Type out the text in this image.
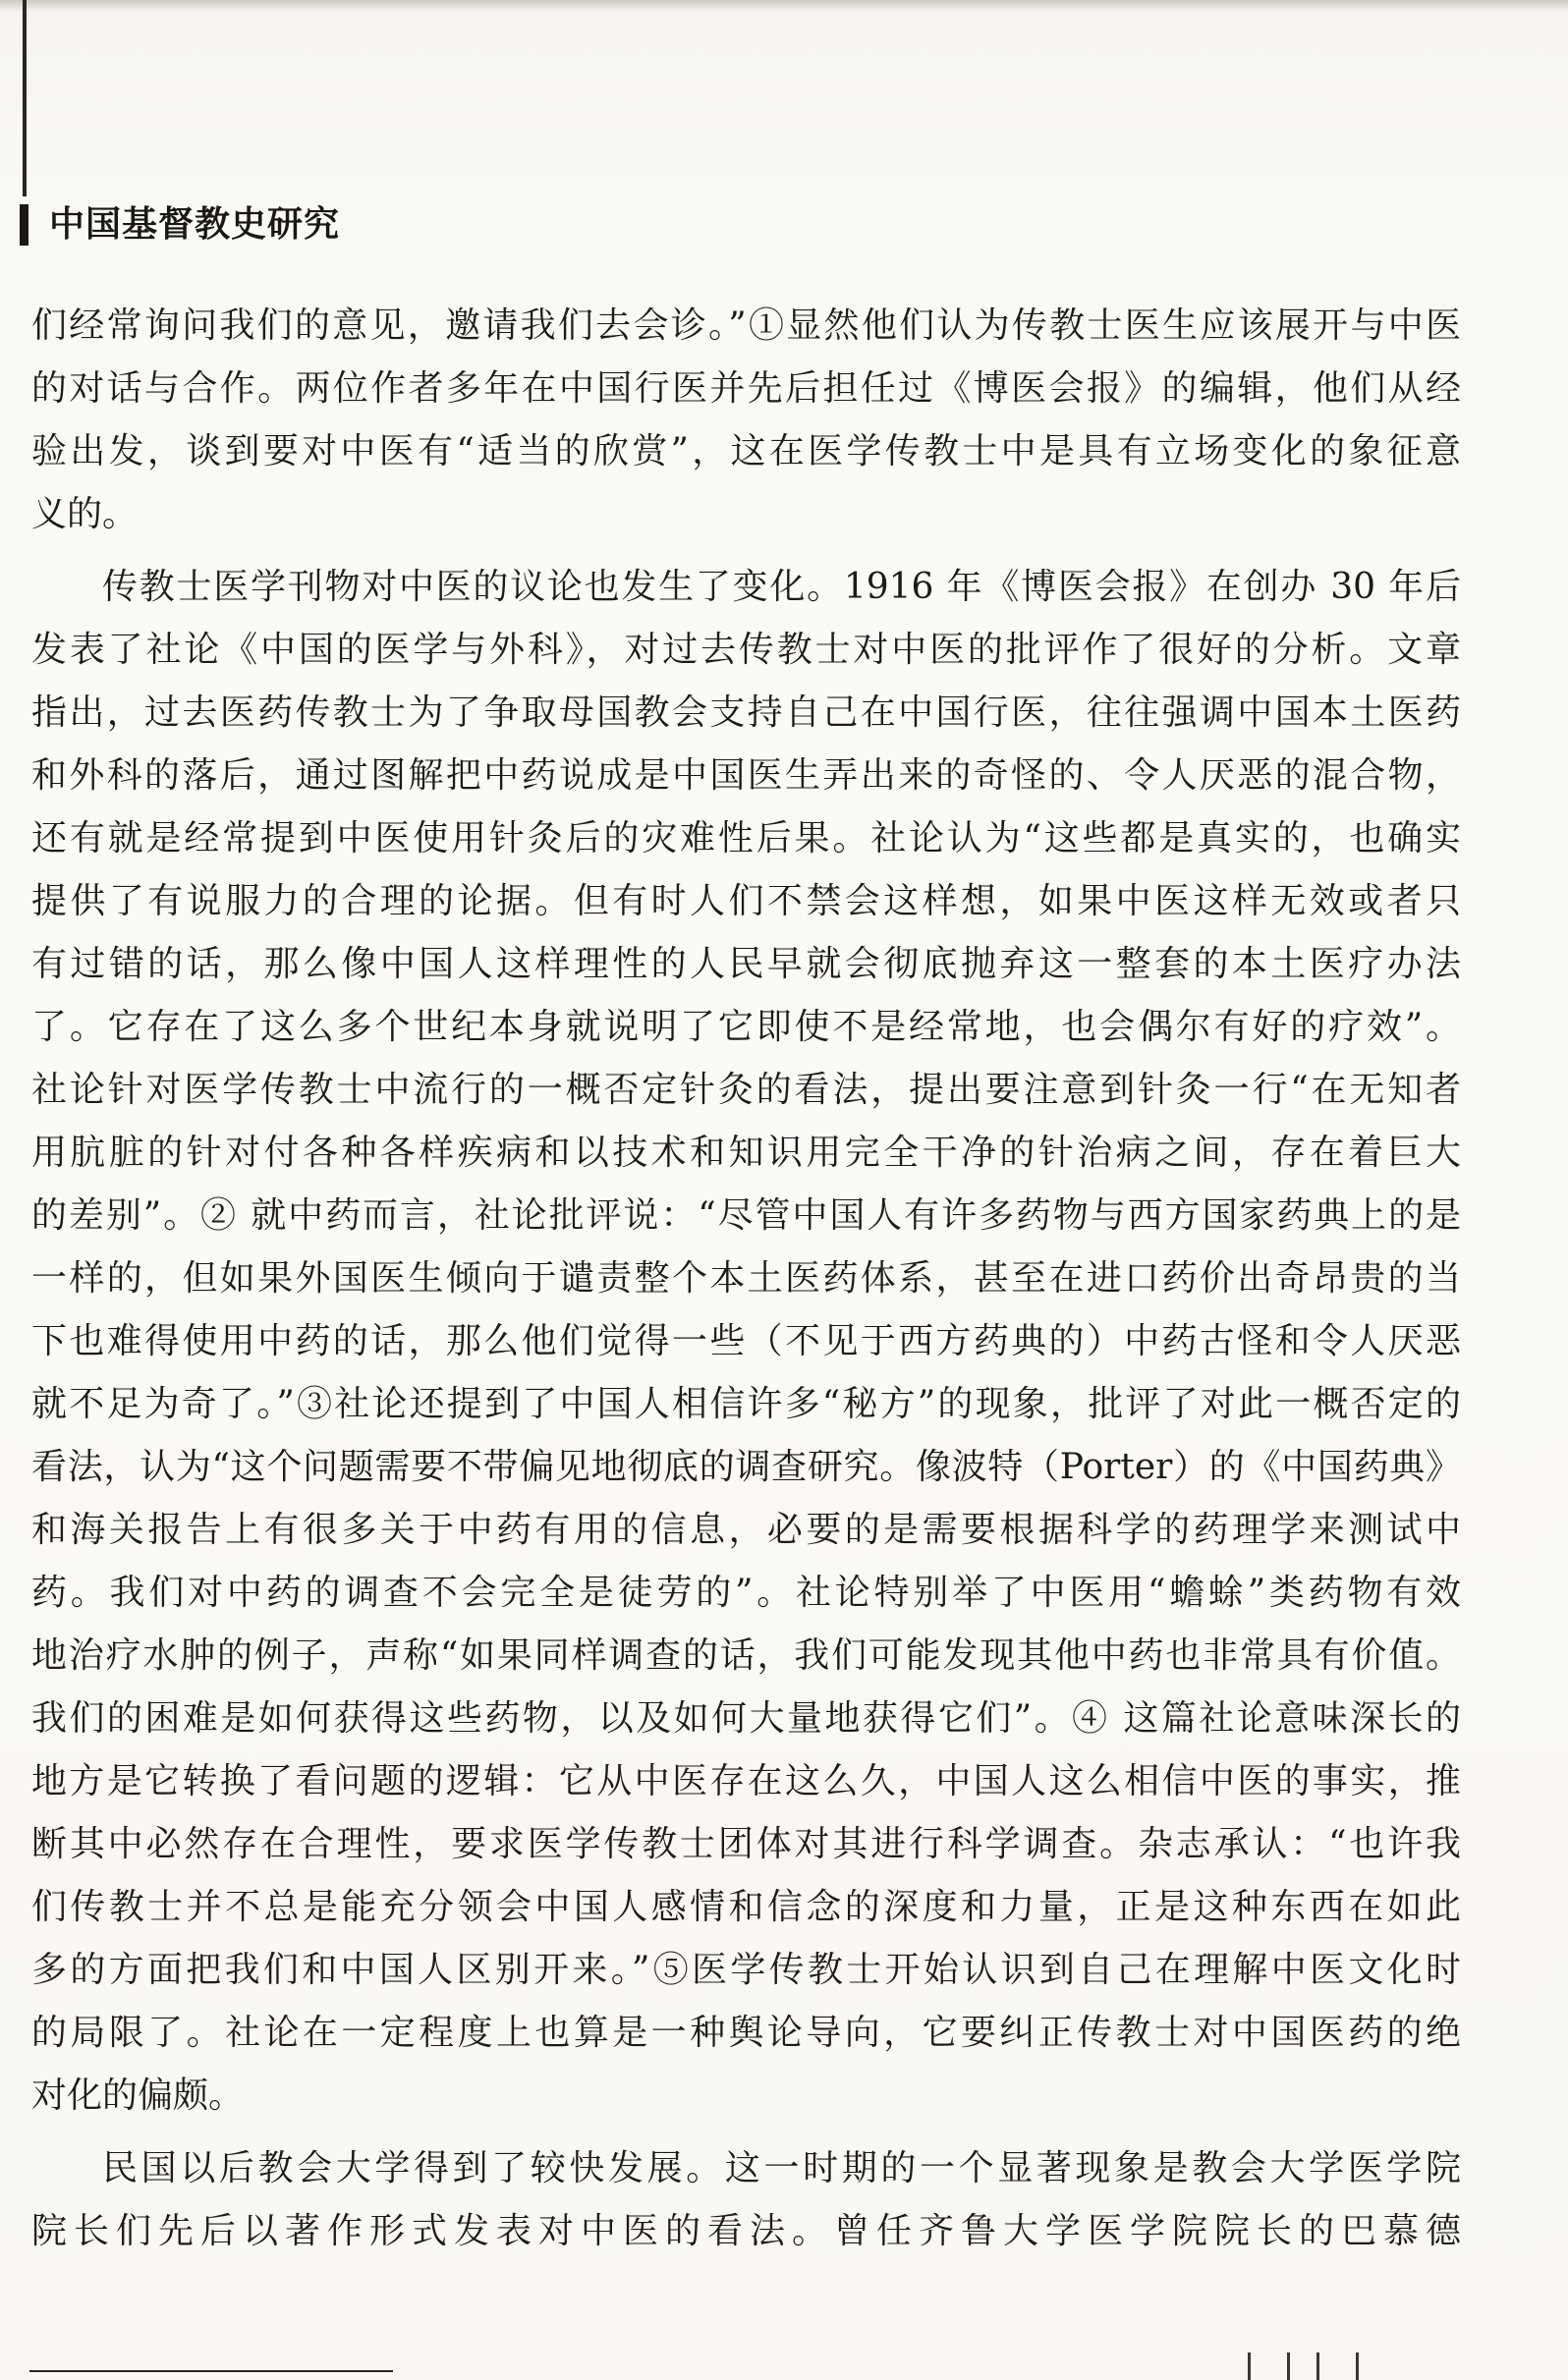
中国基督教史研究
们经常询问我们的意见，邀请我们去会诊。”①显然他们认为传教士医生应该展开与中医
的对话与合作。两位作者多年在中国行医并先后担任过《博医会报》的编辑，他们从经
验出发，谈到要对中医有“适当的欣赏”，这在医学传教士中是具有立场变化的象征意
义的。
传教士医学刊物对中医的议论也发生了变化。1916 年《博医会报》在创办 30 年后
发表了社论《中国的医学与外科》，对过去传教士对中医的批评作了很好的分析。文章
指出，过去医药传教士为了争取母国教会支持自己在中国行医，往往强调中国本土医药
和外科的落后，通过图解把中药说成是中国医生弄出来的奇怪的、令人厌恶的混合物，
还有就是经常提到中医使用针灸后的灾难性后果。社论认为“这些都是真实的，也确实
提供了有说服力的合理的论据。但有时人们不禁会这样想，如果中医这样无效或者只
有过错的话，那么像中国人这样理性的人民早就会彻底抛弃这一整套的本土医疗办法
了。它存在了这么多个世纪本身就说明了它即使不是经常地，也会偶尔有好的疗效”。
社论针对医学传教士中流行的一概否定针灸的看法，提出要注意到针灸一行“在无知者
用肮脏的针对付各种各样疾病和以技术和知识用完全干净的针治病之间，存在着巨大
的差别”。② 就中药而言，社论批评说：“尽管中国人有许多药物与西方国家药典上的是
一样的，但如果外国医生倾向于谴责整个本土医药体系，甚至在进口药价出奇昂贵的当
下也难得使用中药的话，那么他们觉得一些（不见于西方药典的）中药古怪和令人厌恶
就不足为奇了。”③社论还提到了中国人相信许多“秘方”的现象，批评了对此一概否定的
看法，认为“这个问题需要不带偏见地彻底的调查研究。像波特（Porter）的《中国药典》
和海关报告上有很多关于中药有用的信息，必要的是需要根据科学的药理学来测试中
药。我们对中药的调查不会完全是徒劳的”。社论特别举了中医用“蟾蜍”类药物有效
地治疗水肿的例子，声称“如果同样调查的话，我们可能发现其他中药也非常具有价值。
我们的困难是如何获得这些药物，以及如何大量地获得它们”。④ 这篇社论意味深长的
地方是它转换了看问题的逻辑：它从中医存在这么久，中国人这么相信中医的事实，推
断其中必然存在合理性，要求医学传教士团体对其进行科学调查。杂志承认：“也许我
们传教士并不总是能充分领会中国人感情和信念的深度和力量，正是这种东西在如此
多的方面把我们和中国人区别开来。”⑤医学传教士开始认识到自己在理解中医文化时
的局限了。社论在一定程度上也算是一种舆论导向，它要纠正传教士对中国医药的绝
对化的偏颇。
民国以后教会大学得到了较快发展。这一时期的一个显著现象是教会大学医学院
院长们先后以著作形式发表对中医的看法。曾任齐鲁大学医学院院长的巴慕德
